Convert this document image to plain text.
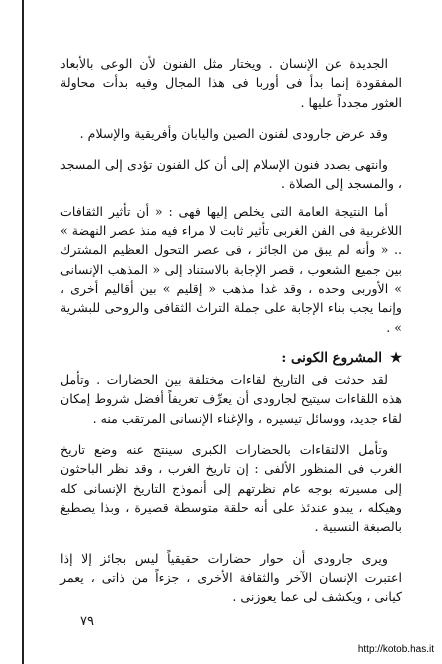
الجديدة عن الإنسان . ويختار مثل الفنون لأن الوعى بالأبعاد المفقودة إنما بدأ فى أوربا فى هذا المجال وفيه بدأت محاولة العثور مجدداً عليها .

وقد عرض جارودى لفنون الصين واليابان وأفريقية والإسلام .

وانتهى بصدد فنون الإسلام إلى أن كل الفنون تؤدى إلى المسجد ، والمسجد إلى الصلاة .

أما النتيجة العامة التى يخلص إليها فهى : « أن تأثير الثقافات اللاغربية فى الفن الغربى تأثير ثابت لا مراء فيه منذ عصر النهضة » .. « وأنه لم يبق من الجائز ، فى عصر التحول العظيم المشترك بين جميع الشعوب ، قصر الإجابة بالاستناد إلى « المذهب الإنسانى » الأوربى وحده ، وقد غدا مذهب « إقليم » بين أقاليم أخرى ، وإنما يجب بناء الإجابة على جملة التراث الثقافى والروحى للبشرية » .

★المشروع الكونى :

لقد حدثت فى التاريخ لقاءات مختلفة بين الحضارات . وتأمل هذه اللقاءات سيتيح لجارودى أن يعرِّف تعريفاً أفضل شروط إمكان لقاء جديد، ووسائل تيسيره ، والإغناء الإنسانى المرتقب منه .

وتأمل الالتقاءات بالحضارات الكبرى سينتج عنه وضع تاريخ الغرب فى المنظور الألفى : إن تاريخ الغرب ، وقد نظر الباحثون إلى مسيرته بوجه عام نظرتهم إلى أنموذج التاريخ الإنسانى كله وهيكله ، يبدو عندئذ على أنه حلقة متوسطة قصيرة ، وبذا يصطبغ بالصبغة النسبية .

ويرى جارودى أن حوار حضارات حقيقياً ليس بجائز إلا إذا اعتبرت الإنسان الآخر والثقافة الأخرى ، جزءاً من ذاتى ، يعمر كيانى ، ويكشف لى عما يعوزنى .

٧٩
http://kotob.has.it
